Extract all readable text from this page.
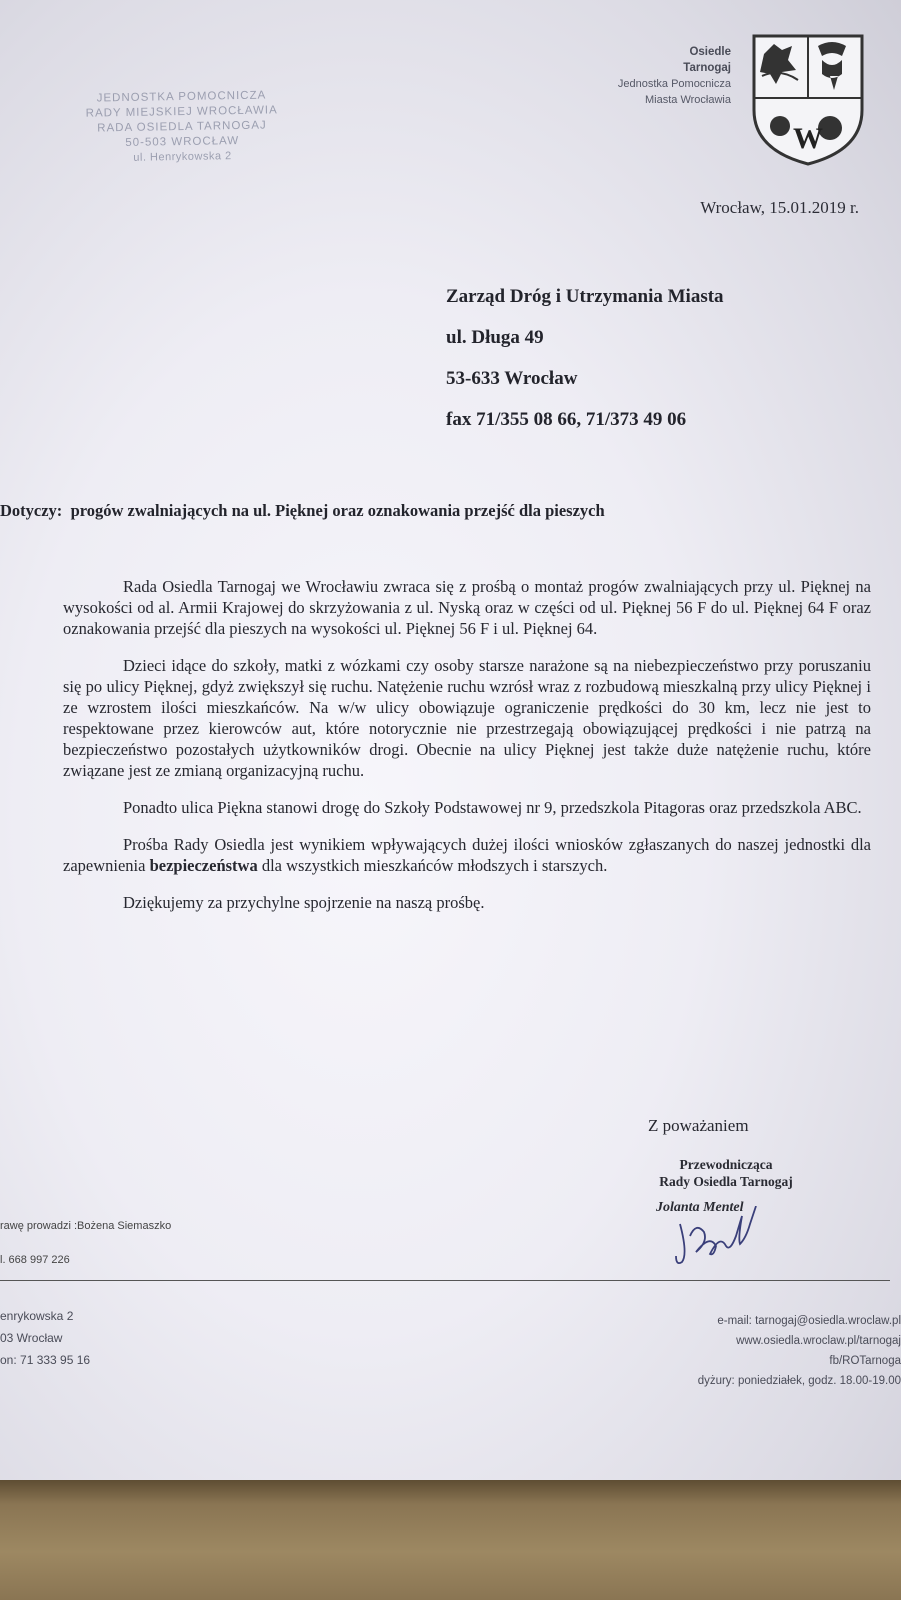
JEDNOSTKA POMOCNICZA
RADY MIEJSKIEJ WROCŁAWIA
RADA OSIEDLA TARNOGAJ
50-503 WROCŁAW
ul. Henrykowska 2
Osiedle
Tarnogaj
Jednostka Pomocnicza
Miasta Wrocławia
W
Wrocław, 15.01.2019 r.
Zarząd Dróg i Utrzymania Miasta
ul. Długa 49
53-633 Wrocław
fax 71/355 08 66, 71/373 49 06
Dotyczy: progów zwalniających na ul. Pięknej oraz oznakowania przejść dla pieszych

Rada Osiedla Tarnogaj we Wrocławiu zwraca się z prośbą o montaż progów zwalniających przy ul. Pięknej na wysokości od al. Armii Krajowej do skrzyżowania z ul. Nyską oraz w części od ul. Pięknej 56 F do ul. Pięknej 64 F oraz oznakowania przejść dla pieszych na wysokości ul. Pięknej 56 F i ul. Pięknej 64.

Dzieci idące do szkoły, matki z wózkami czy osoby starsze narażone są na niebezpieczeństwo przy poruszaniu się po ulicy Pięknej, gdyż zwiększył się ruchu. Natężenie ruchu wzrósł wraz z rozbudową mieszkalną przy ulicy Pięknej i ze wzrostem ilości mieszkańców. Na w/w ulicy obowiązuje ograniczenie prędkości do 30 km, lecz nie jest to respektowane przez kierowców aut, które notorycznie nie przestrzegają obowiązującej prędkości i nie patrzą na bezpieczeństwo pozostałych użytkowników drogi. Obecnie na ulicy Pięknej jest także duże natężenie ruchu, które związane jest ze zmianą organizacyjną ruchu.

Ponadto ulica Piękna stanowi drogę do Szkoły Podstawowej nr 9, przedszkola Pitagoras oraz przedszkola ABC.

Prośba Rady Osiedla jest wynikiem wpływających dużej ilości wniosków zgłaszanych do naszej jednostki dla zapewnienia bezpieczeństwa dla wszystkich mieszkańców młodszych i starszych.

Dziękujemy za przychylne spojrzenie na naszą prośbę.

Z poważaniem
Przewodnicząca
Rady Osiedla Tarnogaj
Jolanta Mentel
rawę prowadzi :Bożena Siemaszko
l. 668 997 226
enrykowska 2
03 Wrocław
on: 71 333 95 16
e-mail: tarnogaj@osiedla.wroclaw.pl
www.osiedla.wroclaw.pl/tarnogaj
fb/ROTarnoga
dyżury: poniedziałek, godz. 18.00-19.00
